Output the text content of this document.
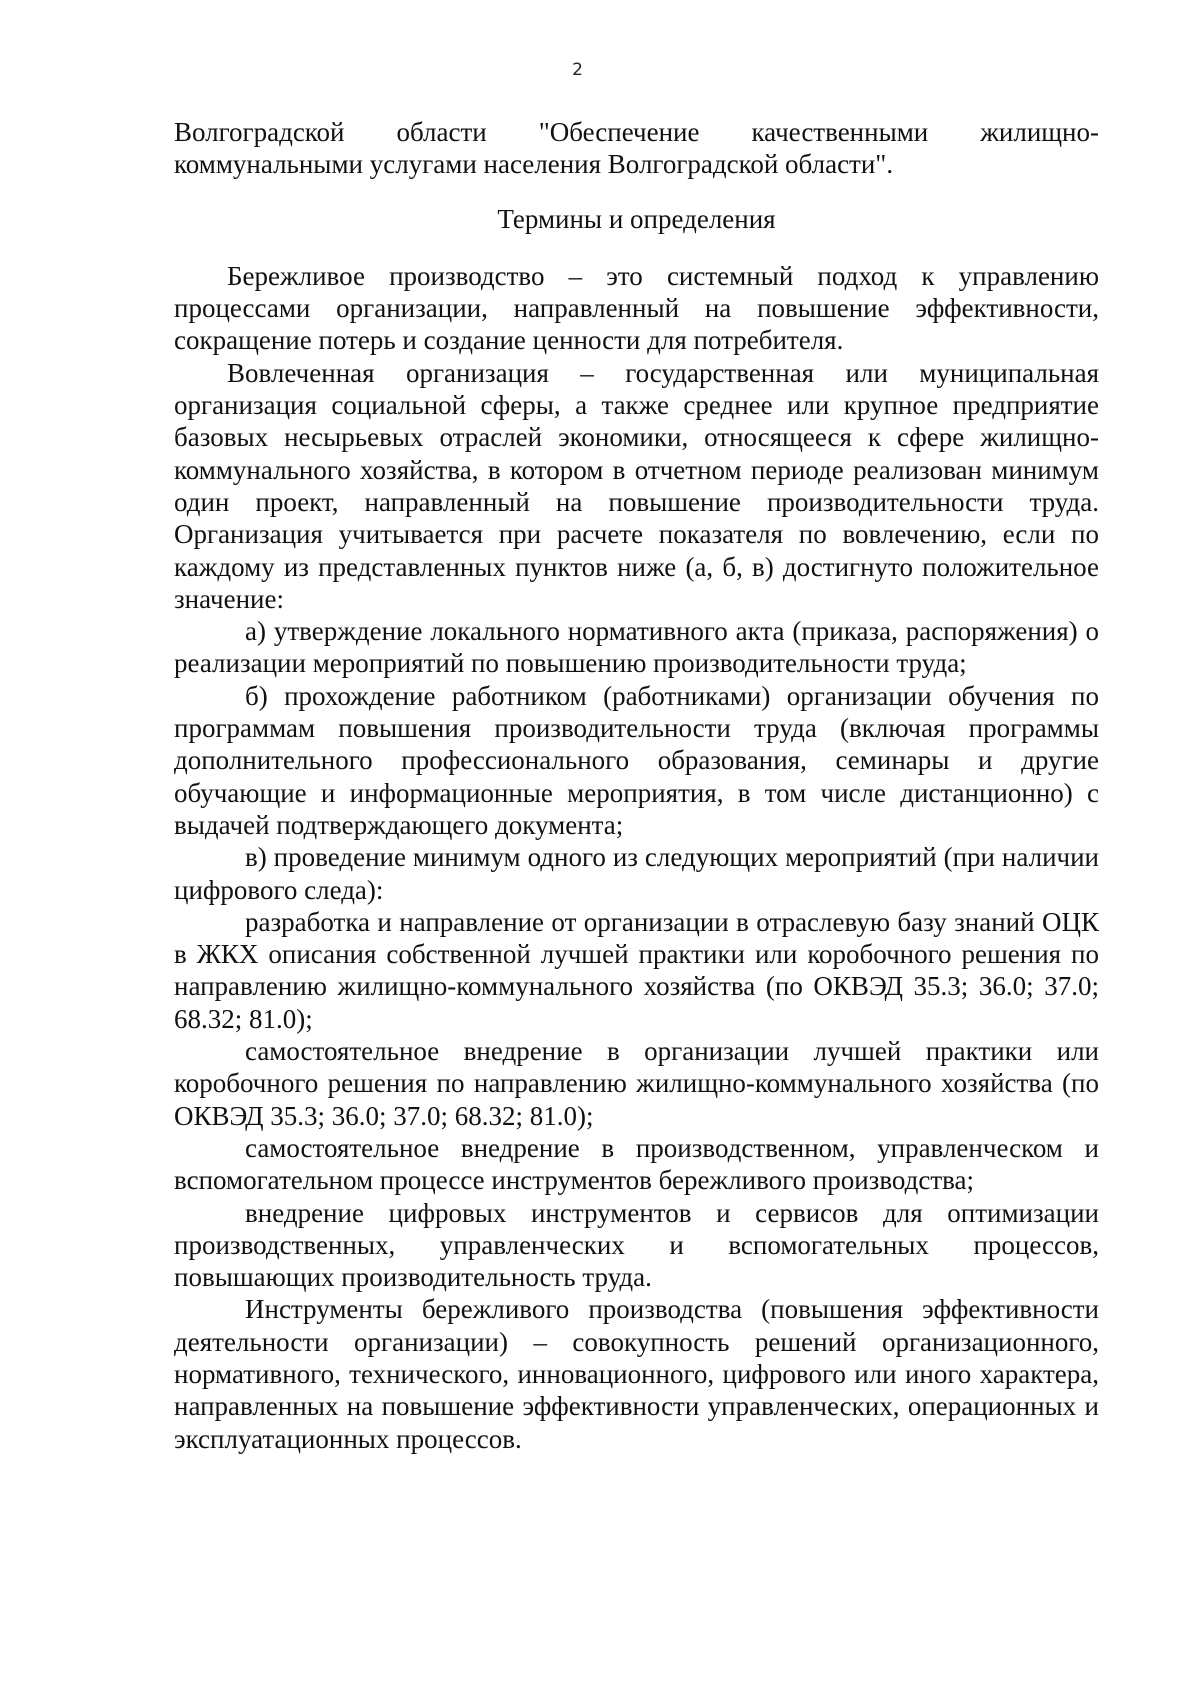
2

Волгоградской области "Обеспечение качественными жилищно-коммунальными услугами населения Волгоградской области".

Термины и определения

Бережливое производство – это системный подход к управлению процессами организации, направленный на повышение эффективности, сокращение потерь и создание ценности для потребителя.

Вовлеченная организация – государственная или муниципальная организация социальной сферы, а также среднее или крупное предприятие базовых несырьевых отраслей экономики, относящееся к сфере жилищно-коммунального хозяйства, в котором в отчетном периоде реализован минимум один проект, направленный на повышение производительности труда. Организация учитывается при расчете показателя по вовлечению, если по каждому из представленных пунктов ниже (а, б, в) достигнуто положительное значение:

а) утверждение локального нормативного акта (приказа, распоряжения) о реализации мероприятий по повышению производительности труда;

б) прохождение работником (работниками) организации обучения по программам повышения производительности труда (включая программы дополнительного профессионального образования, семинары и другие обучающие и информационные мероприятия, в том числе дистанционно) с выдачей подтверждающего документа;

в) проведение минимум одного из следующих мероприятий (при наличии цифрового следа):

разработка и направление от организации в отраслевую базу знаний ОЦК в ЖКХ описания собственной лучшей практики или коробочного решения по направлению жилищно-коммунального хозяйства (по ОКВЭД 35.3; 36.0; 37.0; 68.32; 81.0);

самостоятельное внедрение в организации лучшей практики или коробочного решения по направлению жилищно-коммунального хозяйства (по ОКВЭД 35.3; 36.0; 37.0; 68.32; 81.0);

самостоятельное внедрение в производственном, управленческом и вспомогательном процессе инструментов бережливого производства;

внедрение цифровых инструментов и сервисов для оптимизации производственных, управленческих и вспомогательных процессов, повышающих производительность труда.

Инструменты бережливого производства (повышения эффективности деятельности организации) – совокупность решений организационного, нормативного, технического, инновационного, цифрового или иного характера, направленных на повышение эффективности управленческих, операционных и эксплуатационных процессов.
